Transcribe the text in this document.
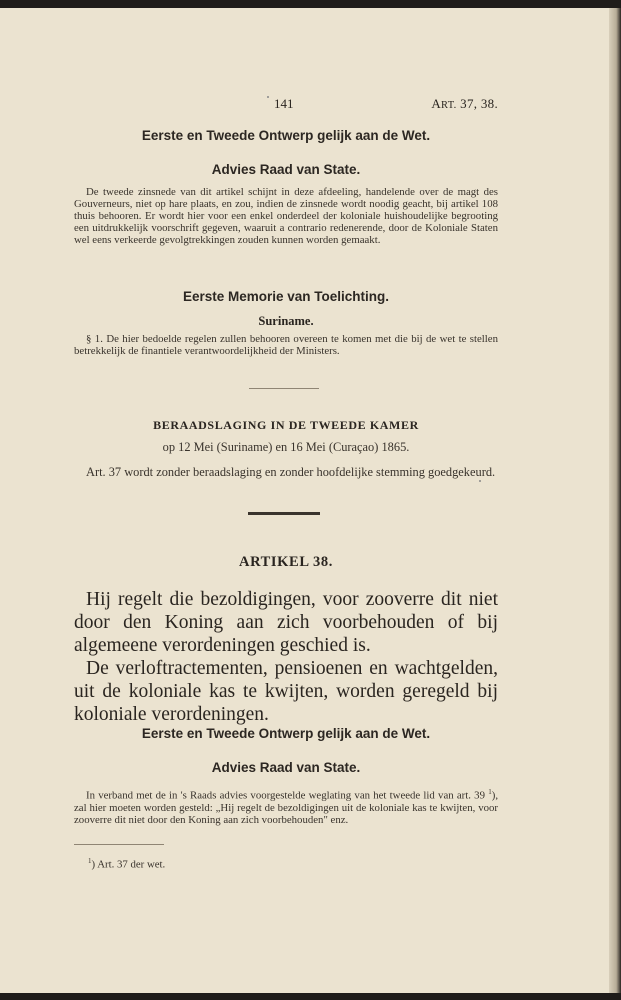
141	ART. 37, 38.
Eerste en Tweede Ontwerp gelijk aan de Wet.
Advies Raad van State.
De tweede zinsnede van dit artikel schijnt in deze afdeeling, handelende over de magt des Gouverneurs, niet op hare plaats, en zou, indien de zinsnede wordt noodig geacht, bij artikel 108 thuis behooren. Er wordt hier voor een enkel onderdeel der koloniale huishoudelijke begrooting een uitdrukkelijk voorschrift gegeven, waaruit a contrario redenerende, door de Koloniale Staten wel eens verkeerde gevolgtrekkingen zouden kunnen worden gemaakt.
Eerste Memorie van Toelichting.
Suriname.
§ 1. De hier bedoelde regelen zullen behooren overeen te komen met die bij de wet te stellen betrekkelijk de finantiele verantwoordelijkheid der Ministers.
BERAADSLAGING IN DE TWEEDE KAMER
op 12 Mei (Suriname) en 16 Mei (Curaçao) 1865.
Art. 37 wordt zonder beraadslaging en zonder hoofdelijke stemming goedgekeurd.
ARTIKEL 38.

Hij regelt die bezoldigingen, voor zooverre dit niet door den Koning aan zich voorbehouden of bij algemeene verordeningen geschied is.

De verloftractementen, pensioenen en wachtgelden, uit de koloniale kas te kwijten, worden geregeld bij koloniale verordeningen.

Eerste en Tweede Ontwerp gelijk aan de Wet.
Advies Raad van State.
In verband met de in 's Raads advies voorgestelde weglating van het tweede lid van art. 39 $^1$), zal hier moeten worden gesteld: „Hij regelt de bezoldigingen uit de koloniale kas te kwijten, voor zooverre dit niet door den Koning aan zich voorbehouden" enz.
$^1$) Art. 37 der wet.
